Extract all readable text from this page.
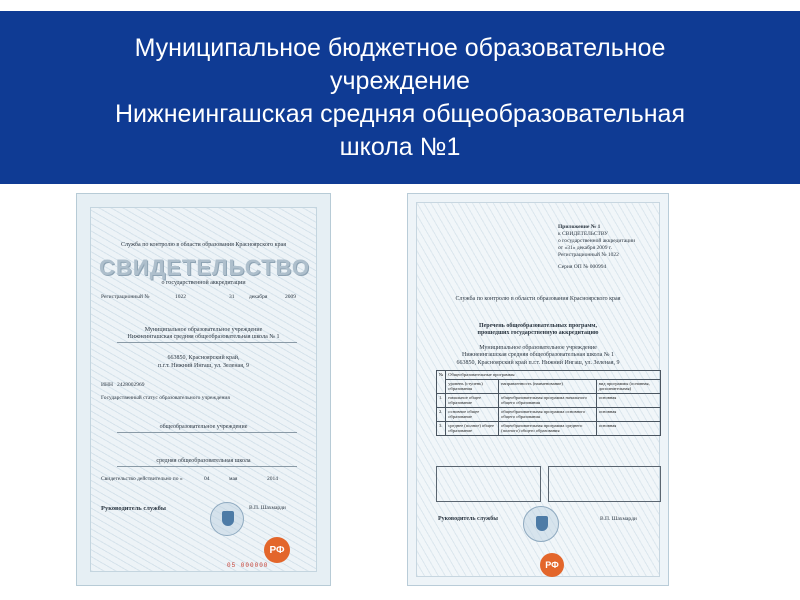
Муниципальное бюджетное образовательное
учреждение
Нижнеингашская средняя общеобразовательная
школа №1
Служба по контролю в области образования Красноярского края
СВИДЕТЕЛЬСТВО
о государственной аккредитации
Регистрационный №	1022	31	декабря	2009
Муниципальное образовательное учреждение
Нижнеингашская средняя общеобразовательная школа № 1
663850, Красноярский край,
п.г.т. Нижний Ингаш, ул. Зеленая, 9
ИНН 2428002969
Государственный статус образовательного учреждения
общеобразовательное учреждение
средняя общеобразовательная школа
Свидетельство действительно по «	04	мая	2014
Руководитель службы	В.П. Шахмарди
РФ
05 000000
Приложение № 1
к СВИДЕТЕЛЬСТВУ
о государственной аккредитации
от «31» декабря 2009 г.
Регистрационный № 1022
Серия ОП № 000994
Служба по контролю в области образования Красноярского края
Перечень общеобразовательных программ,
прошедших государственную аккредитацию
Муниципальное образовательное учреждение
Нижнеингашская средняя общеобразовательная школа № 1
663850, Красноярский край п.г.т. Нижний Ингаш, ул. Зеленая, 9
№	Общеобразовательные программы		
	уровень (ступень) образования	направленность (наименование)	вид программы (основная, дополнительная)
1.	начальное общее образование	общеобразовательная программа начального общего образования	основная
2.	основное общее образование	общеобразовательная программа основного общего образования	основная
3.	среднее (полное) общее образование	общеобразовательная программа среднего (полного) общего образования	основная
Руководитель службы	В.П. Шахмарди
РФ
